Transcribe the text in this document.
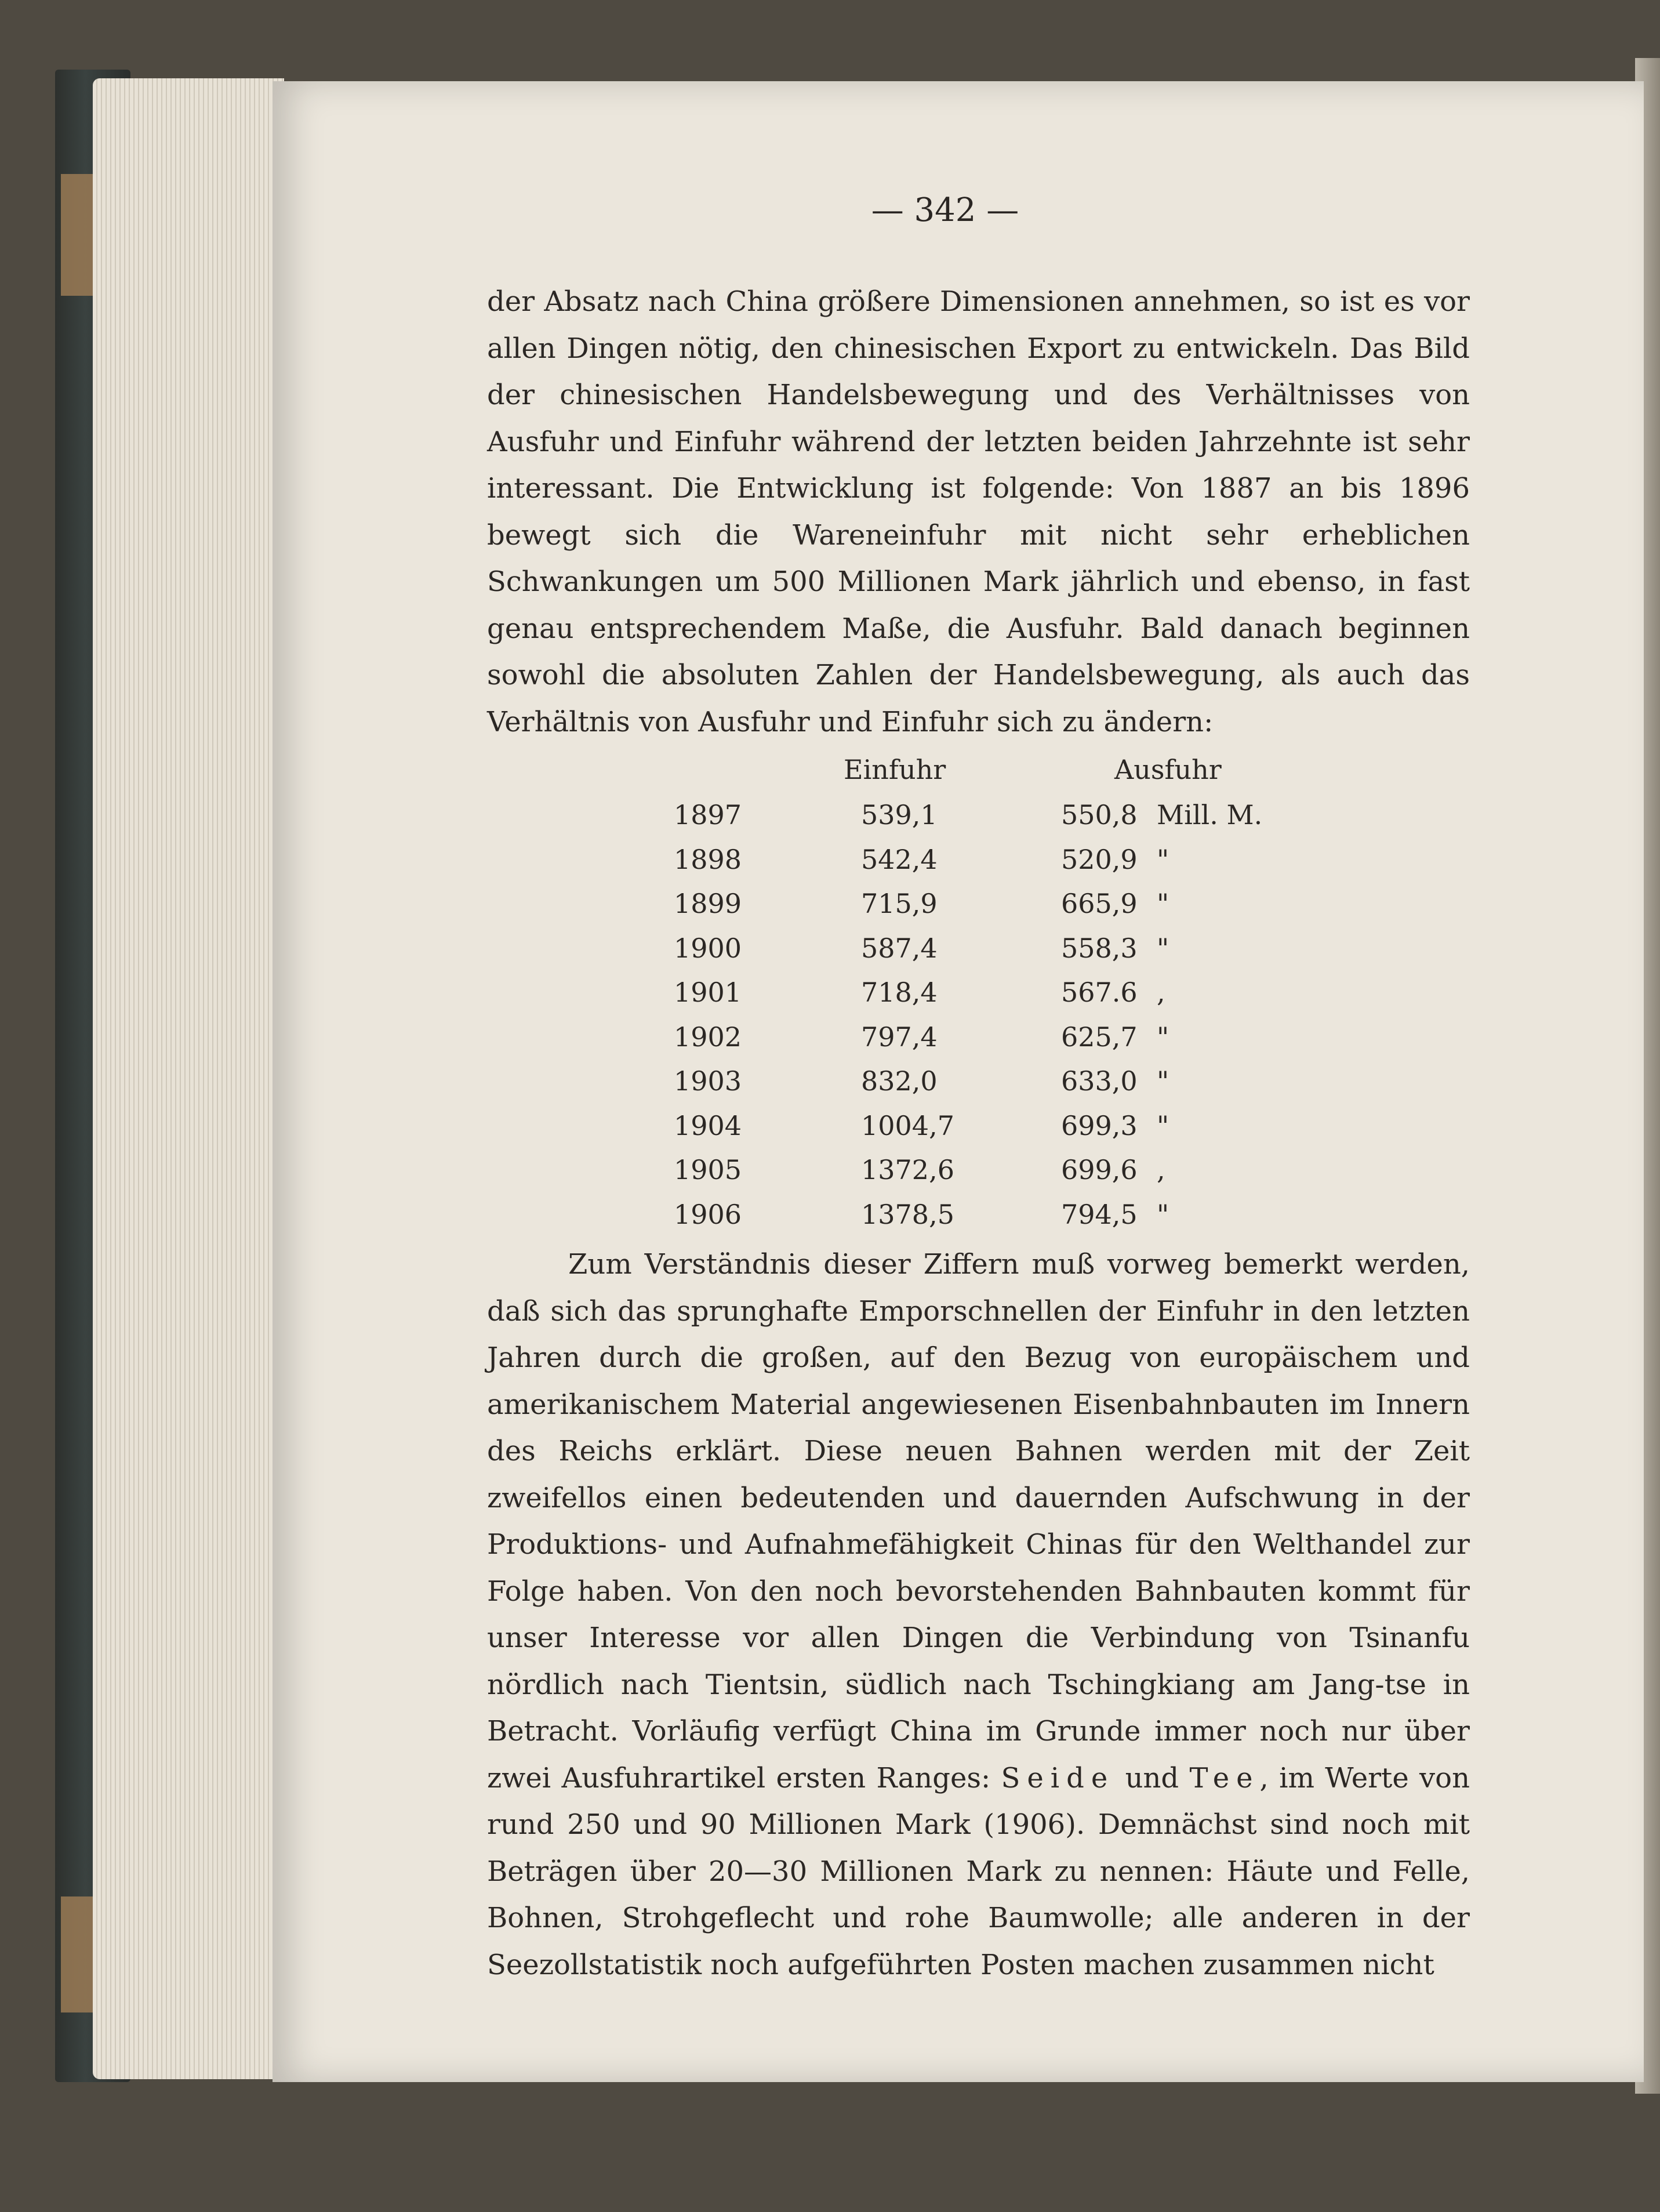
— 342 —

der Absatz nach China größere Dimensionen annehmen, so ist es vor allen Dingen nötig, den chinesischen Export zu entwickeln. Das Bild der chinesischen Handelsbewegung und des Verhältnisses von Ausfuhr und Einfuhr während der letzten beiden Jahrzehnte ist sehr interessant. Die Entwicklung ist folgende: Von 1887 an bis 1896 bewegt sich die Wareneinfuhr mit nicht sehr erheblichen Schwankungen um 500 Millionen Mark jährlich und ebenso, in fast genau entsprechendem Maße, die Ausfuhr. Bald danach beginnen sowohl die absoluten Zahlen der Handelsbewegung, als auch das Verhältnis von Ausfuhr und Einfuhr sich zu ändern:

Einfuhr	Ausfuhr
1897	539,1	550,8 Mill. M.
1898	542,4	520,9 "
1899	715,9	665,9 "
1900	587,4	558,3 "
1901	718,4	567.6 ,
1902	797,4	625,7 "
1903	832,0	633,0 "
1904	1004,7	699,3 "
1905	1372,6	699,6 ,
1906	1378,5	794,5 "

Zum Verständnis dieser Ziffern muß vorweg bemerkt werden, daß sich das sprunghafte Emporschnellen der Einfuhr in den letzten Jahren durch die großen, auf den Bezug von europäischem und amerikanischem Material angewiesenen Eisenbahnbauten im Innern des Reichs erklärt. Diese neuen Bahnen werden mit der Zeit zweifellos einen bedeutenden und dauernden Aufschwung in der Produktions- und Aufnahmefähigkeit Chinas für den Welthandel zur Folge haben. Von den noch bevorstehenden Bahnbauten kommt für unser Interesse vor allen Dingen die Verbindung von Tsinanfu nördlich nach Tientsin, südlich nach Tschingkiang am Jang-tse in Betracht. Vorläufig verfügt China im Grunde immer noch nur über zwei Ausfuhrartikel ersten Ranges: Seide und Tee, im Werte von rund 250 und 90 Millionen Mark (1906). Demnächst sind noch mit Beträgen über 20—30 Millionen Mark zu nennen: Häute und Felle, Bohnen, Strohgeflecht und rohe Baumwolle; alle anderen in der Seezollstatistik noch aufgeführten Posten machen zusammen nicht
